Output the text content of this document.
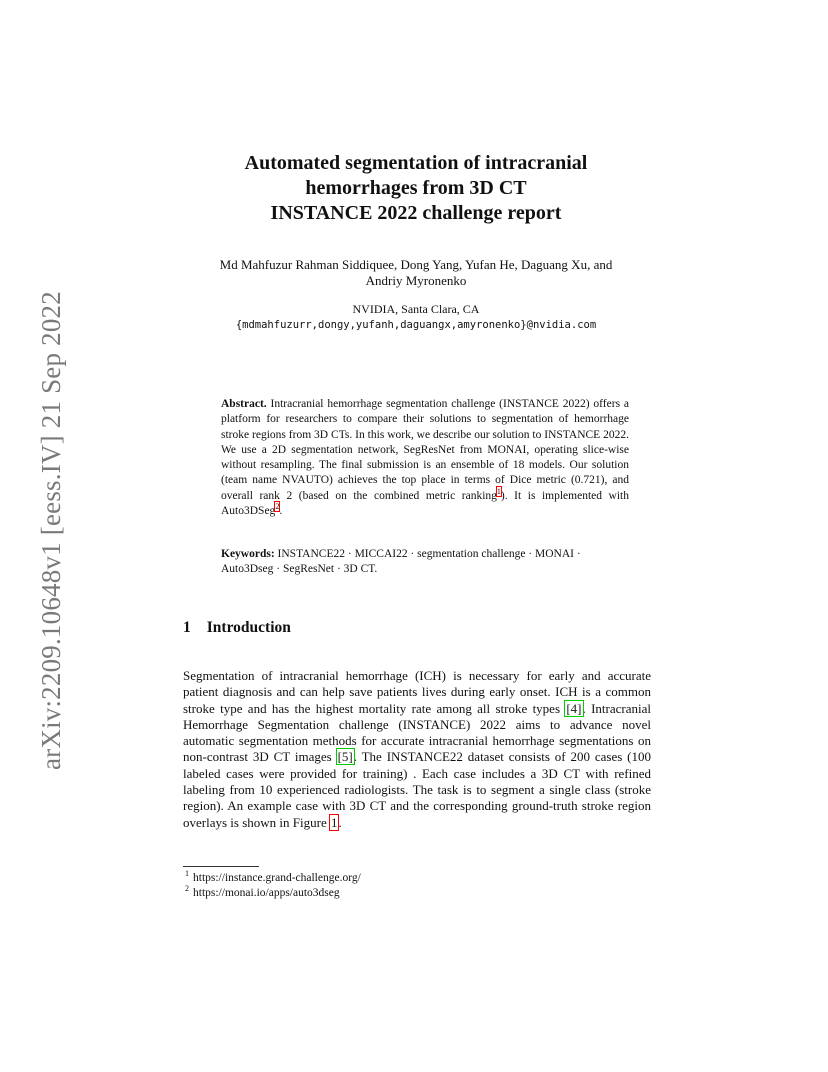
arXiv:2209.10648v1 [eess.IV] 21 Sep 2022
Automated segmentation of intracranial
hemorrhages from 3D CT
INSTANCE 2022 challenge report
Md Mahfuzur Rahman Siddiquee, Dong Yang, Yufan He, Daguang Xu, and
Andriy Myronenko
NVIDIA, Santa Clara, CA
{mdmahfuzurr,dongy,yufanh,daguangx,amyronenko}@nvidia.com
Abstract. Intracranial hemorrhage segmentation challenge (INSTANCE 2022) offers a platform for researchers to compare their solutions to segmentation of hemorrhage stroke regions from 3D CTs. In this work, we describe our solution to INSTANCE 2022. We use a 2D segmentation network, SegResNet from MONAI, operating slice-wise without resampling. The final submission is an ensemble of 18 models. Our solution (team name NVAUTO) achieves the top place in terms of Dice metric (0.721), and overall rank 2 (based on the combined metric ranking$^1$). It is implemented with Auto3DSeg$^2$.
Keywords: INSTANCE22 · MICCAI22 · segmentation challenge · MONAI · Auto3Dseg · SegResNet · 3D CT.
1 Introduction
Segmentation of intracranial hemorrhage (ICH) is necessary for early and accurate patient diagnosis and can help save patients lives during early onset. ICH is a common stroke type and has the highest mortality rate among all stroke types [4]. Intracranial Hemorrhage Segmentation challenge (INSTANCE) 2022 aims to advance novel automatic segmentation methods for accurate intracranial hemorrhage segmentations on non-contrast 3D CT images [5]. The INSTANCE22 dataset consists of 200 cases (100 labeled cases were provided for training) . Each case includes a 3D CT with refined labeling from 10 experienced radiologists. The task is to segment a single class (stroke region). An example case with 3D CT and the corresponding ground-truth stroke region overlays is shown in Figure 1.
$^1$ https://instance.grand-challenge.org/
$^2$ https://monai.io/apps/auto3dseg
